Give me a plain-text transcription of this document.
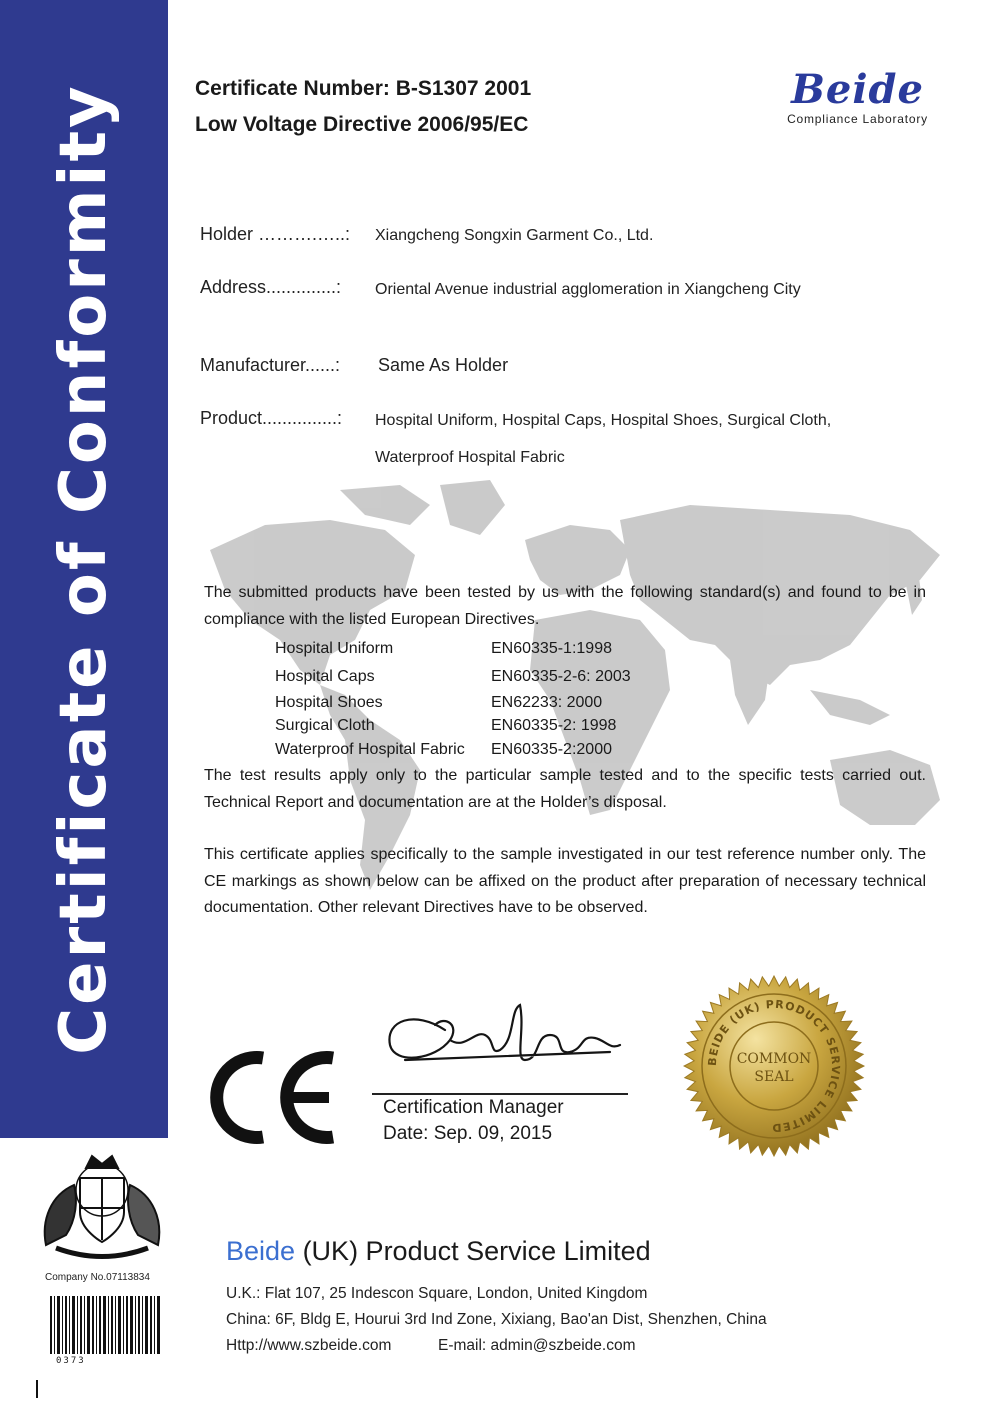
Certificate of Conformity	Certificate Number: B-S1307 2001
Low Voltage Directive 2006/95/EC
Beide
Compliance Laboratory
Holder ……….…..: Xiangcheng Songxin Garment Co., Ltd.
Address..............: Oriental Avenue industrial agglomeration in Xiangcheng City
Manufacturer......: Same As Holder
Product...............: Hospital Uniform, Hospital Caps, Hospital Shoes, Surgical Cloth,
Waterproof Hospital Fabric
The submitted products have been tested by us with the following standard(s) and found to be in compliance with the listed European Directives.
Hospital Uniform	EN60335-1:1998
Hospital Caps	EN60335-2-6: 2003
Hospital Shoes	EN62233: 2000
Surgical Cloth	EN60335-2: 1998
Waterproof Hospital Fabric EN60335-2:2000
The test results apply only to the particular sample tested and to the specific tests carried out. Technical Report and documentation are at the Holder’s disposal.
This certificate applies specifically to the sample investigated in our test reference number only. The CE markings as shown below can be affixed on the product after preparation of necessary technical documentation. Other relevant Directives have to be observed.
Certification Manager
Date: Sep. 09, 2015
BEIDE (UK) PRODUCT SERVICE LIMITED
COMMON
SEAL
Company No.07113834
0373
Beide (UK) Product Service Limited
U.K.: Flat 107, 25 Indescon Square, London, United Kingdom
China: 6F, Bldg E, Hourui 3rd Ind Zone, Xixiang, Bao'an Dist, Shenzhen, China
Http://www.szbeide.com	E-mail: admin@szbeide.com
